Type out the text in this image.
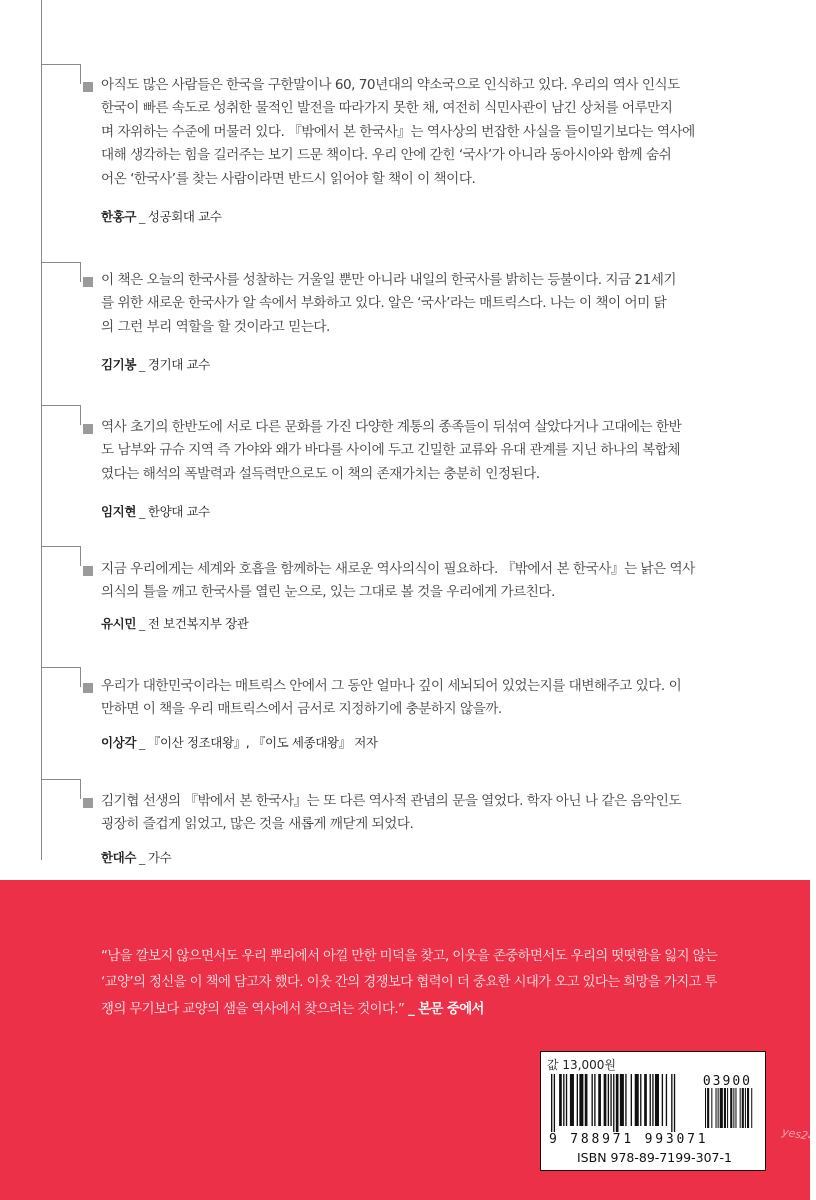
아직도 많은 사람들은 한국을 구한말이나 60, 70년대의 약소국으로 인식하고 있다. 우리의 역사 인식도
한국이 빠른 속도로 성취한 물적인 발전을 따라가지 못한 채, 여전히 식민사관이 남긴 상처를 어루만지
며 자위하는 수준에 머물러 있다. 『밖에서 본 한국사』는 역사상의 번잡한 사실을 들이밀기보다는 역사에
대해 생각하는 힘을 길러주는 보기 드문 책이다. 우리 안에 갇힌 ‘국사’가 아니라 동아시아와 함께 숨쉬
어온 ‘한국사’를 찾는 사람이라면 반드시 읽어야 할 책이 이 책이다.
한홍구 _ 성공회대 교수
이 책은 오늘의 한국사를 성찰하는 거울일 뿐만 아니라 내일의 한국사를 밝히는 등불이다. 지금 21세기
를 위한 새로운 한국사가 알 속에서 부화하고 있다. 알은 ‘국사’라는 매트릭스다. 나는 이 책이 어미 닭
의 그런 부리 역할을 할 것이라고 믿는다.
김기봉 _ 경기대 교수
역사 초기의 한반도에 서로 다른 문화를 가진 다양한 계통의 종족들이 뒤섞여 살았다거나 고대에는 한반
도 남부와 규슈 지역 즉 가야와 왜가 바다를 사이에 두고 긴밀한 교류와 유대 관계를 지닌 하나의 복합체
였다는 해석의 폭발력과 설득력만으로도 이 책의 존재가치는 충분히 인정된다.
임지현 _ 한양대 교수
지금 우리에게는 세계와 호흡을 함께하는 새로운 역사의식이 필요하다. 『밖에서 본 한국사』는 낡은 역사
의식의 틀을 깨고 한국사를 열린 눈으로, 있는 그대로 볼 것을 우리에게 가르친다.
유시민 _ 전 보건복지부 장관
우리가 대한민국이라는 매트릭스 안에서 그 동안 얼마나 깊이 세뇌되어 있었는지를 대변해주고 있다. 이
만하면 이 책을 우리 매트릭스에서 금서로 지정하기에 충분하지 않을까.
이상각 _ 『이산 정조대왕』, 『이도 세종대왕』 저자
김기협 선생의 『밖에서 본 한국사』는 또 다른 역사적 관념의 문을 열었다. 학자 아닌 나 같은 음악인도
굉장히 즐겁게 읽었고, 많은 것을 새롭게 깨닫게 되었다.
한대수 _ 가수

“남을 깔보지 않으면서도 우리 뿌리에서 아낄 만한 미덕을 찾고, 이웃을 존중하면서도 우리의 떳떳함을 잃지 않는
‘교양’의 정신을 이 책에 담고자 했다. 이웃 간의 경쟁보다 협력이 더 중요한 시대가 오고 있다는 희망을 가지고 투
쟁의 무기보다 교양의 샘을 역사에서 찾으려는 것이다.” _ 본문 중에서

값 13,000원
03900
9 788971 993071
ISBN 978-89-7199-307-1
yes24
